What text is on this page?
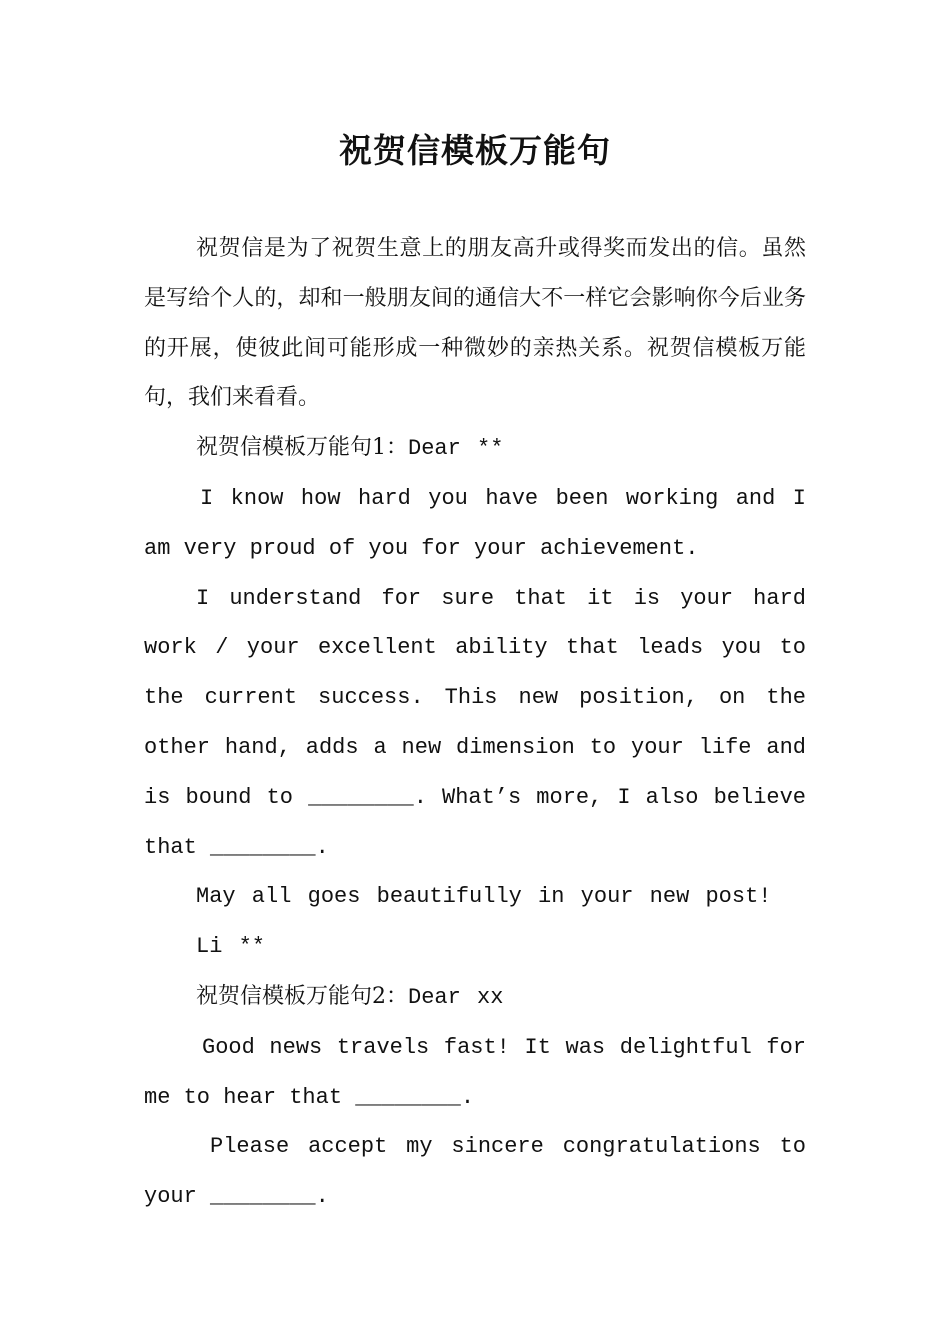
祝贺信模板万能句

祝贺信是为了祝贺生意上的朋友高升或得奖而发出的信。虽然是写给个人的，却和一般朋友间的通信大不一样它会影响你今后业务的开展，使彼此间可能形成一种微妙的亲热关系。祝贺信模板万能句，我们来看看。

祝贺信模板万能句1：Dear **

I know how hard you have been working and I am very proud of you for your achievement.

I understand for sure that it is your hard work / your excellent ability that leads you to the current success. This new position, on the other hand, adds a new dimension to your life and is bound to ________. What’s more, I also believe that ________.

May all goes beautifully in your new post!

Li **

祝贺信模板万能句2：Dear xx

Good news travels fast! It was delightful for me to hear that ________.

Please accept my sincere congratulations to your ________.
